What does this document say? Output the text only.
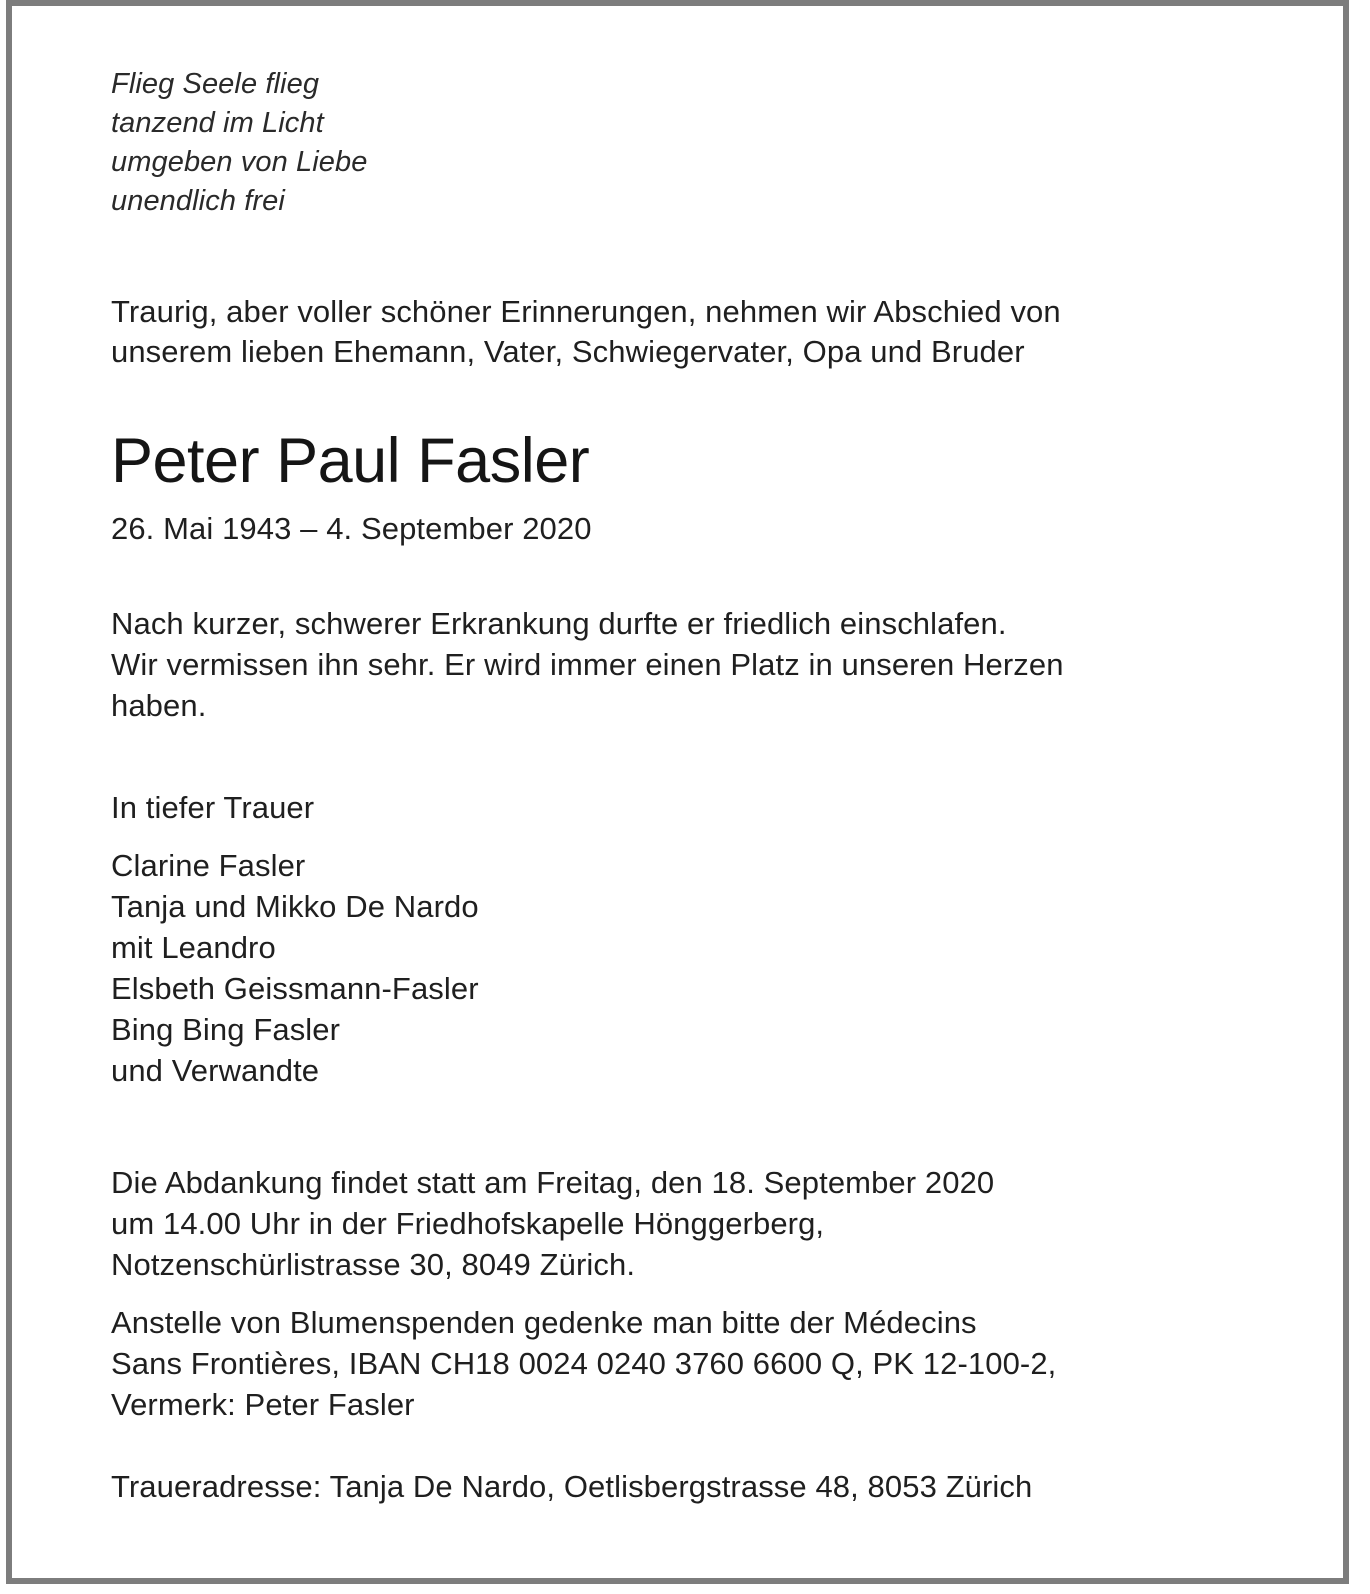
Flieg Seele flieg
tanzend im Licht
umgeben von Liebe
unendlich frei
Traurig, aber voller schöner Erinnerungen, nehmen wir Abschied von
unserem lieben Ehemann, Vater, Schwiegervater, Opa und Bruder
Peter Paul Fasler
26. Mai 1943 – 4. September 2020
Nach kurzer, schwerer Erkrankung durfte er friedlich einschlafen.
Wir vermissen ihn sehr. Er wird immer einen Platz in unseren Herzen
haben.
In tiefer Trauer
Clarine Fasler
Tanja und Mikko De Nardo
mit Leandro
Elsbeth Geissmann-Fasler
Bing Bing Fasler
und Verwandte
Die Abdankung findet statt am Freitag, den 18. September 2020
um 14.00 Uhr in der Friedhofskapelle Hönggerberg,
Notzenschürlistrasse 30, 8049 Zürich.
Anstelle von Blumenspenden gedenke man bitte der Médecins
Sans Frontières, IBAN CH18 0024 0240 3760 6600 Q, PK 12-100-2,
Vermerk: Peter Fasler
Traueradresse: Tanja De Nardo, Oetlisbergstrasse 48, 8053 Zürich
